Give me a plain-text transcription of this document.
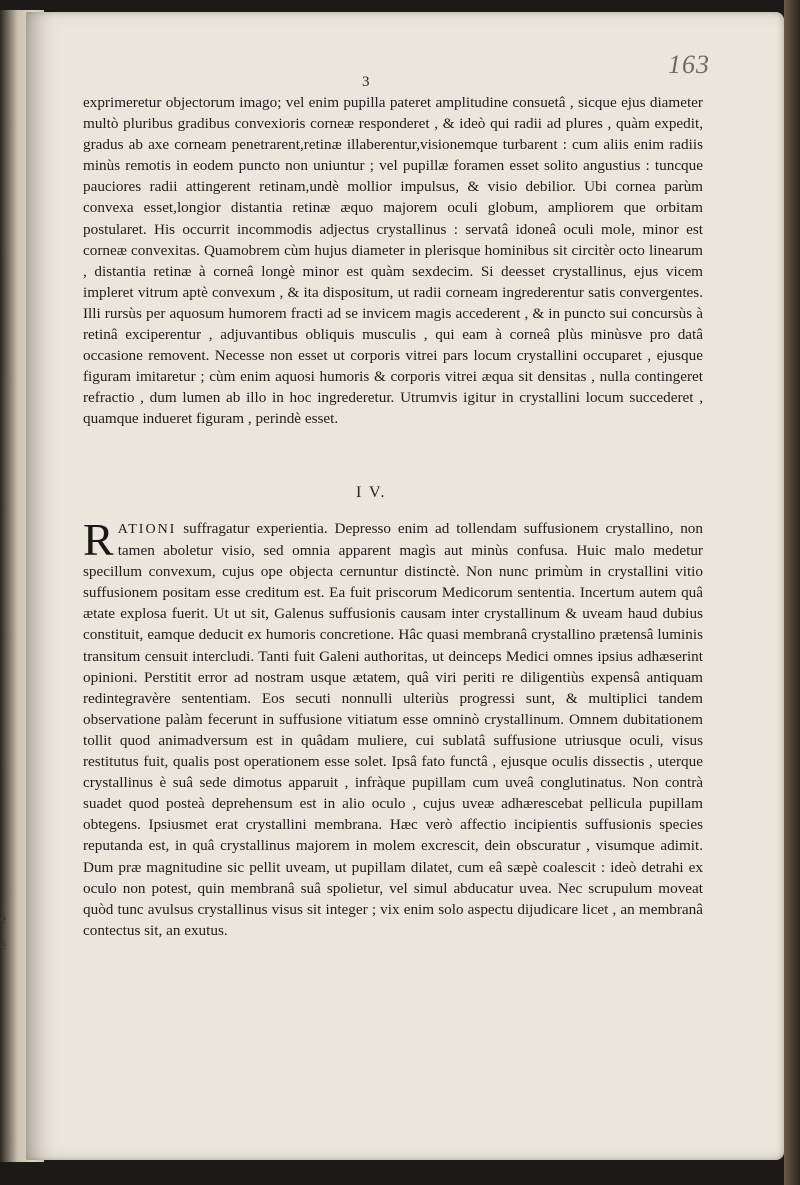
i
è
è
163
3

exprimeretur objectorum imago; vel enim pupilla pateret amplitudine consuetâ , sicque ejus diameter multò pluribus gradibus convexioris corneæ responderet , & ideò qui radii ad plures , quàm expedit, gradus ab axe corneam penetrarent,retinæ illaberentur,visionemque turbarent : cum aliis enim radiis minùs remotis in eodem puncto non uniuntur ; vel pupillæ foramen esset solito angustius : tuncque pauciores radii attingerent retinam,undè mollior impulsus, & visio debilior. Ubi cornea parùm convexa esset,longior distantia retinæ æquo majorem oculi globum, ampliorem que orbitam postularet. His occurrit incommodis adjectus crystallinus : servatâ idoneâ oculi mole, minor est corneæ convexitas. Quamobrem cùm hujus diameter in plerisque hominibus sit circitèr octo linearum , distantia retinæ à corneâ longè minor est quàm sexdecim. Si deesset crystallinus, ejus vicem impleret vitrum aptè convexum , & ita dispositum, ut radii corneam ingrederentur satis convergentes. Illi rursùs per aquosum humorem fracti ad se invicem magis accederent , & in puncto sui concursùs à retinâ exciperentur , adjuvantibus obliquis musculis , qui eam à corneâ plùs minùsve pro datâ occasione removent. Necesse non esset ut corporis vitrei pars locum crystallini occuparet , ejusque figuram imitaretur ; cùm enim aquosi humoris & corporis vitrei æqua sit densitas , nulla contingeret refractio , dum lumen ab illo in hoc ingrederetur. Utrumvis igitur in crystallini locum succederet , quamque indueret figuram , perindè esset.

I V.

RATIONI suffragatur experientia. Depresso enim ad tollendam suffusionem crystallino, non tamen aboletur visio, sed omnia apparent magìs aut minùs confusa. Huic malo medetur specillum convexum, cujus ope objecta cernuntur distinctè. Non nunc primùm in crystallini vitio suffusionem positam esse creditum est. Ea fuit priscorum Medicorum sententia. Incertum autem quâ ætate explosa fuerit. Ut ut sit, Galenus suffusionis causam inter crystallinum & uveam haud dubius constituit, eamque deducit ex humoris concretione. Hâc quasi membranâ crystallino prætensâ luminis transitum censuit intercludi. Tanti fuit Galeni authoritas, ut deinceps Medici omnes ipsius adhæserint opinioni. Perstitit error ad nostram usque ætatem, quâ viri periti re diligentiùs expensâ antiquam redintegravère sententiam. Eos secuti nonnulli ulteriùs progressi sunt, & multiplici tandem observatione palàm fecerunt in suffusione vitiatum esse omninò crystallinum. Omnem dubitationem tollit quod animadversum est in quâdam muliere, cui sublatâ suffusione utriusque oculi, visus restitutus fuit, qualis post operationem esse solet. Ipsâ fato functâ , ejusque oculis dissectis , uterque crystallinus è suâ sede dimotus apparuit , infràque pupillam cum uveâ conglutinatus. Non contrà suadet quod posteà deprehensum est in alio oculo , cujus uveæ adhærescebat pellicula pupillam obtegens. Ipsiusmet erat crystallini membrana. Hæc verò affectio incipientis suffusionis species reputanda est, in quâ crystallinus majorem in molem excrescit, dein obscuratur , visumque adimit. Dum præ magnitudine sic pellit uveam, ut pupillam dilatet, cum eâ sæpè coalescit : ideò detrahi ex oculo non potest, quin membranâ suâ spolietur, vel simul abducatur uvea. Nec scrupulum moveat quòd tunc avulsus crystallinus visus sit integer ; vix enim solo aspectu dijudicare licet , an membranâ contectus sit, an exutus.
